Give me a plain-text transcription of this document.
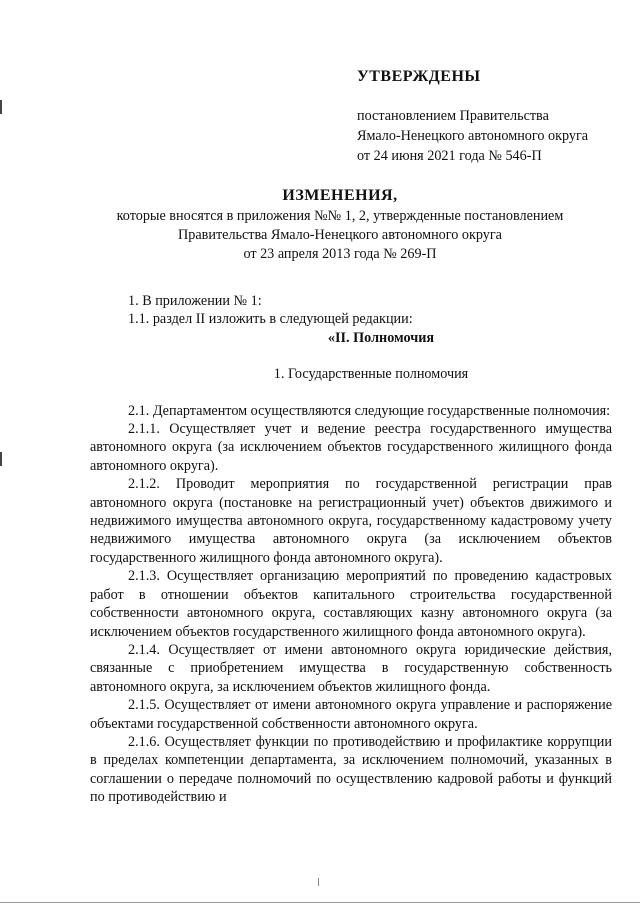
УТВЕРЖДЕНЫ
постановлением Правительства
Ямало-Ненецкого автономного округа
от 24 июня 2021 года № 546-П
ИЗМЕНЕНИЯ,
которые вносятся в приложения №№ 1, 2, утвержденные постановлением
Правительства Ямало-Ненецкого автономного округа
от 23 апреля 2013 года № 269-П

1. В приложении № 1:

1.1. раздел II изложить в следующей редакции:

«II. Полномочия

1. Государственные полномочия

2.1. Департаментом осуществляются следующие государственные полномочия:

2.1.1. Осуществляет учет и ведение реестра государственного имущества автономного округа (за исключением объектов государственного жилищного фонда автономного округа).

2.1.2. Проводит мероприятия по государственной регистрации прав автономного округа (постановке на регистрационный учет) объектов движимого и недвижимого имущества автономного округа, государственному кадастровому учету недвижимого имущества автономного округа (за исключением объектов государственного жилищного фонда автономного округа).

2.1.3. Осуществляет организацию мероприятий по проведению кадастровых работ в отношении объектов капитального строительства государственной собственности автономного округа, составляющих казну автономного округа (за исключением объектов государственного жилищного фонда автономного округа).

2.1.4. Осуществляет от имени автономного округа юридические действия, связанные с приобретением имущества в государственную собственность автономного округа, за исключением объектов жилищного фонда.

2.1.5. Осуществляет от имени автономного округа управление и распоряжение объектами государственной собственности автономного округа.

2.1.6. Осуществляет функции по противодействию и профилактике коррупции в пределах компетенции департамента, за исключением полномочий, указанных в соглашении о передаче полномочий по осуществлению кадровой работы и функций по противодействию и
